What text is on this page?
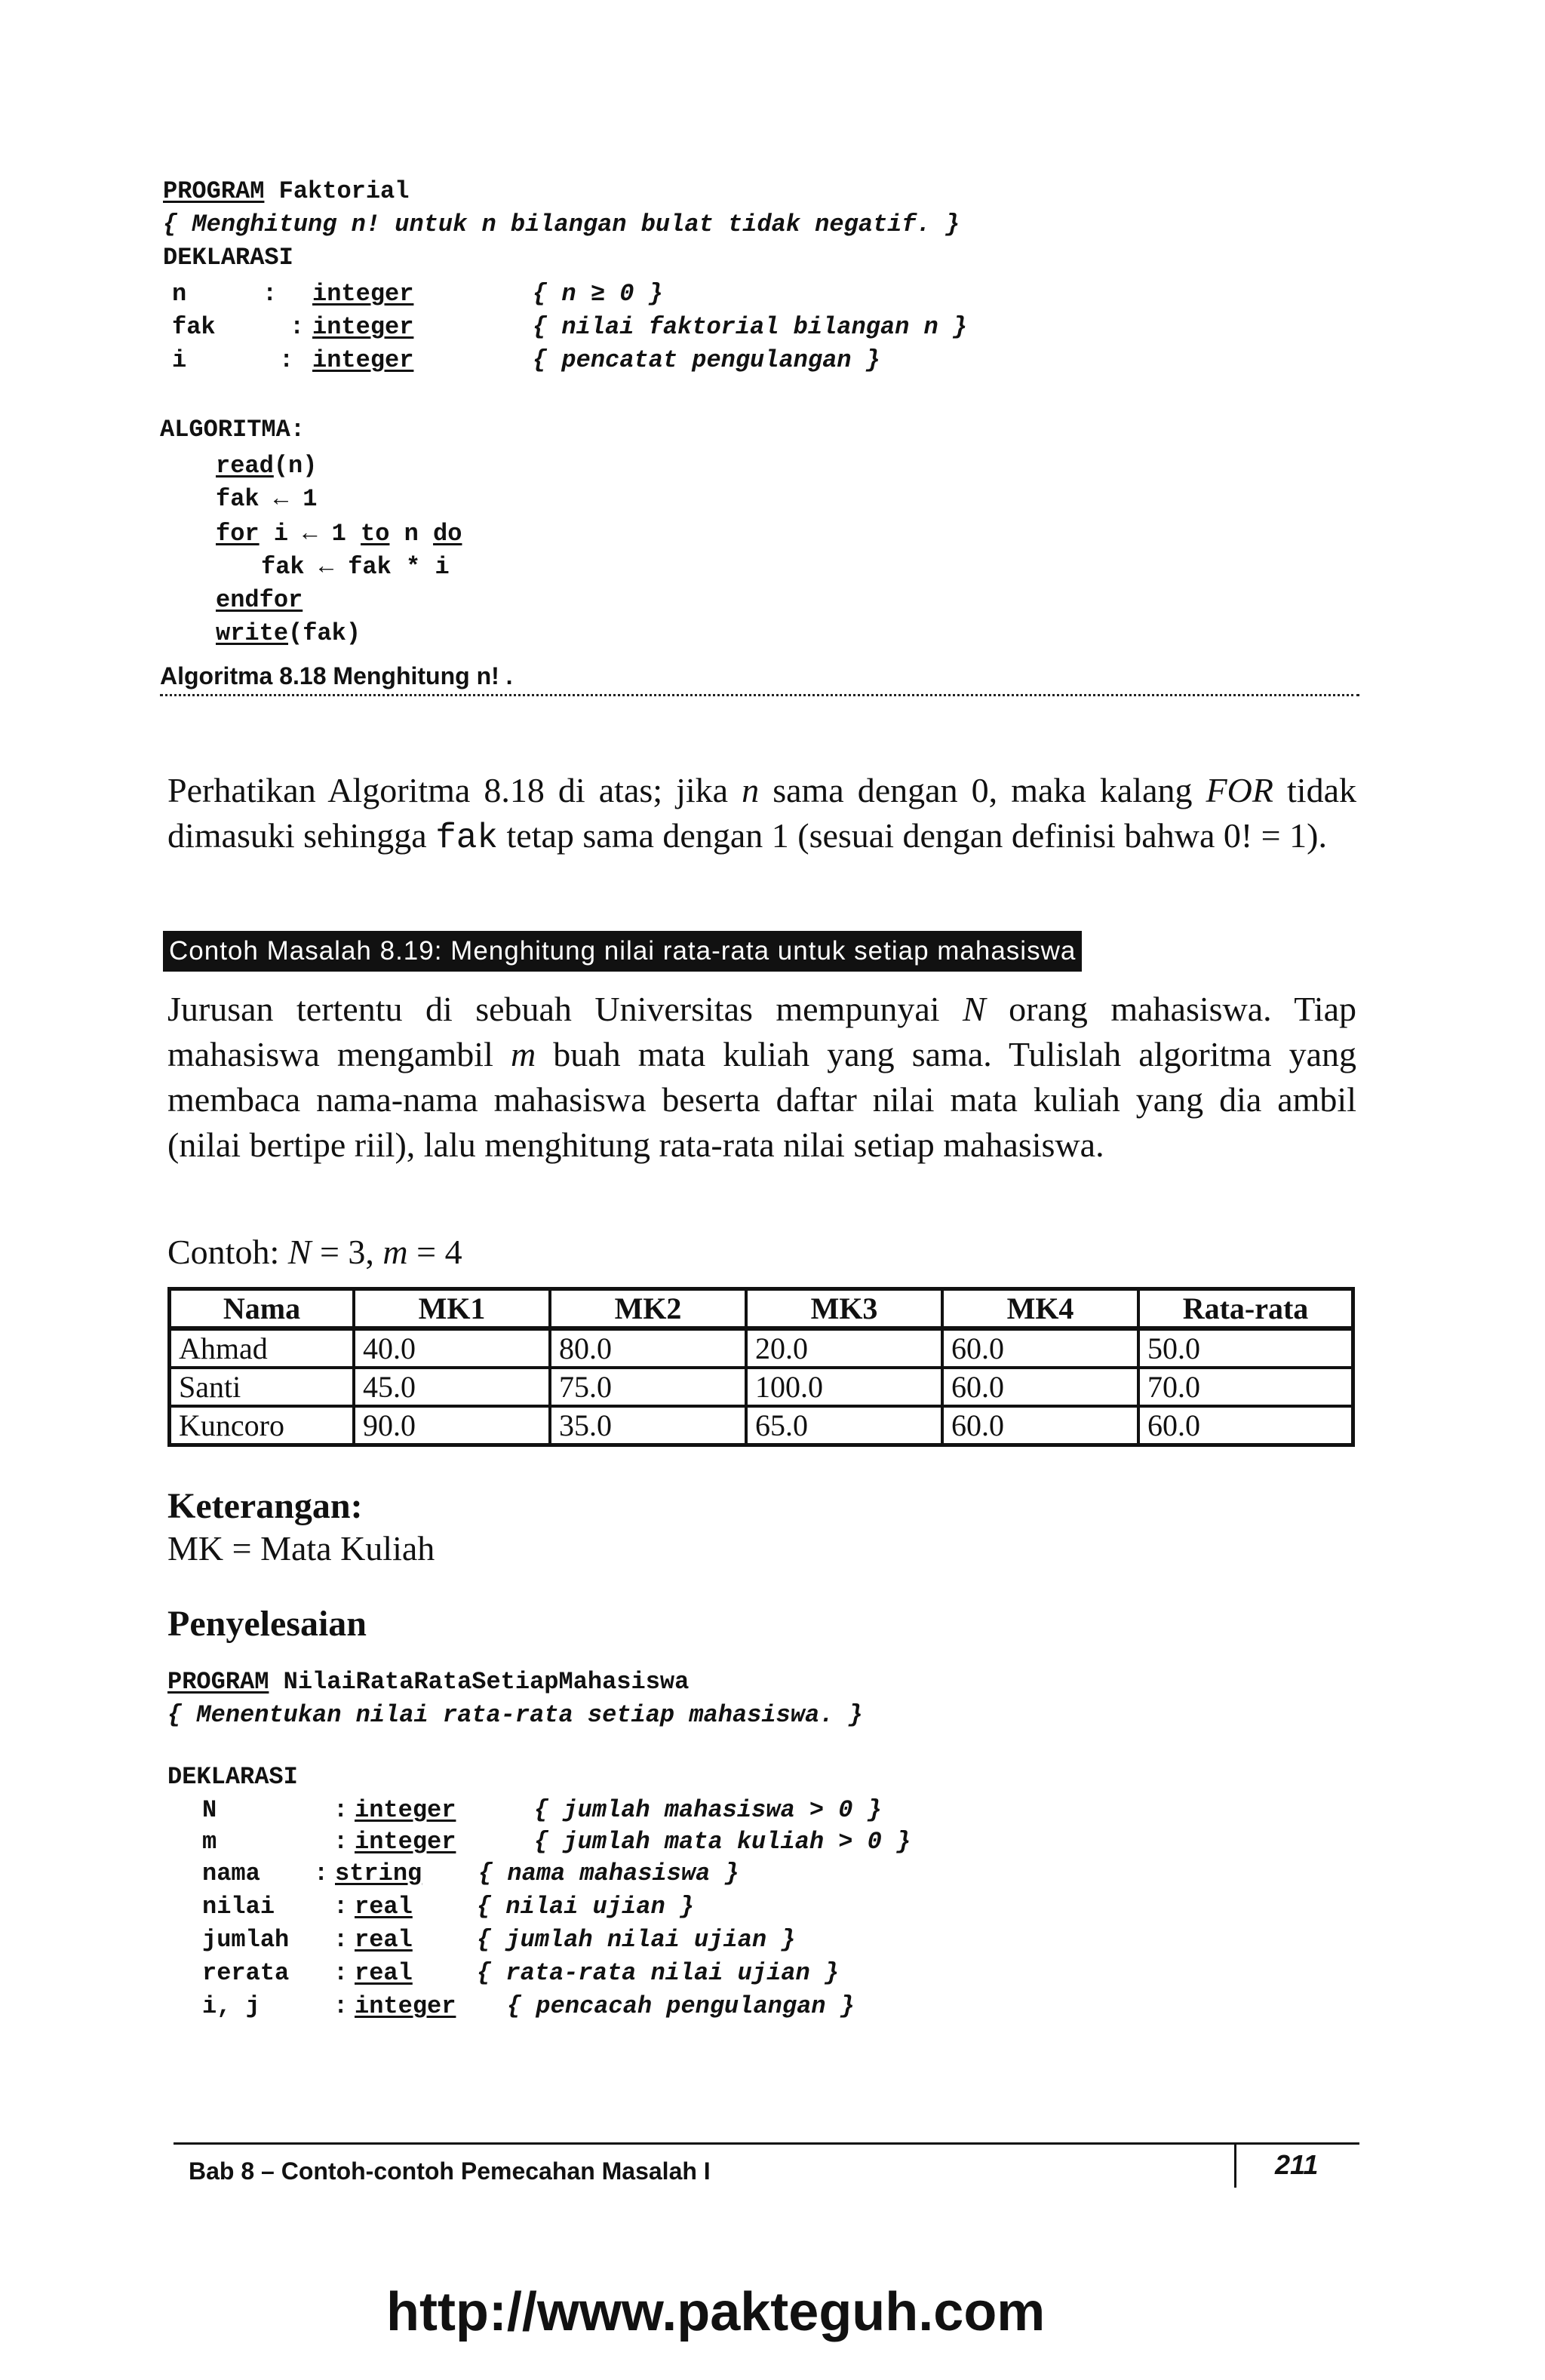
PROGRAM Faktorial
{ Menghitung n! untuk n bilangan bulat tidak negatif. }
DEKLARASI
n	: integer	{ n ≥ 0 }
fak	: integer	{ nilai faktorial bilangan n }
i	: integer	{ pencatat pengulangan }
ALGORITMA:
read(n)
fak ← 1
for i ← 1 to n do
fak ← fak * i
endfor
write(fak)
Algoritma 8.18 Menghitung n! .
Perhatikan Algoritma 8.18 di atas; jika n sama dengan 0, maka kalang FOR tidak dimasuki sehingga fak tetap sama dengan 1 (sesuai dengan definisi bahwa 0! = 1).
Contoh Masalah 8.19: Menghitung nilai rata-rata untuk setiap mahasiswa
Jurusan tertentu di sebuah Universitas mempunyai N orang mahasiswa. Tiap mahasiswa mengambil m buah mata kuliah yang sama. Tulislah algoritma yang membaca nama-nama mahasiswa beserta daftar nilai mata kuliah yang dia ambil (nilai bertipe riil), lalu menghitung rata-rata nilai setiap mahasiswa.
Contoh: N = 3, m = 4
Nama	MK1	MK2	MK3	MK4	Rata-rata
Ahmad	40.0	80.0	20.0	60.0	50.0
Santi	45.0	75.0	100.0	60.0	70.0
Kuncoro	90.0	35.0	65.0	60.0	60.0
Keterangan:
MK = Mata Kuliah
Penyelesaian
PROGRAM NilaiRataRataSetiapMahasiswa
{ Menentukan nilai rata-rata setiap mahasiswa. }
DEKLARASI
N	: integer	{ jumlah mahasiswa > 0 }
m	: integer	{ jumlah mata kuliah > 0 }
nama : string { nama mahasiswa }
nilai : real	{ nilai ujian }
jumlah : real	{ jumlah nilai ujian }
rerata : real	{ rata-rata nilai ujian }
i, j	: integer { pencacah pengulangan }
Bab 8 – Contoh-contoh Pemecahan Masalah I	211
http://www.pakteguh.com
